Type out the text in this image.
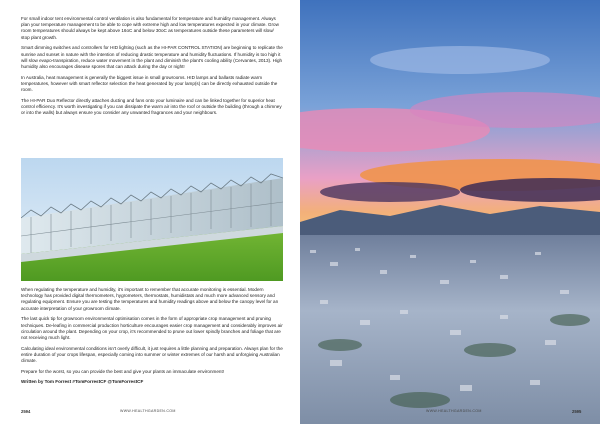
For small indoor tent environmental control ventilation is also fundamental for temperature and humidity management. Always plan your temperature management to be able to cope with extreme high and low temperatures expected in your climate. Grow room temperatures should always be kept above 16oC and below 30oC as temperatures outside these parameters will slow/ stop plant growth.

Smart dimming switches and controllers for HID lighting (such as the HI-PAR CONTROL STATION) are beginning to replicate the sunrise and sunset in nature with the intention of reducing drastic temperature and humidity fluctuations. If humidity is too high it will slow evapo-transpiration, reduce water movement in the plant and diminish the plant's cooling ability (Cervantes, 2013). High humidity also encourages disease spores that can attack during the day or night!

In Australia, heat management is generally the biggest issue in small growrooms. HID lamps and ballasts radiate warm temperatures, however with smart reflector selection the heat generated by your lamp(s) can be directly exhausted outside the room.

The HI-PAR Duo Reflector directly attaches ducting and fans onto your luminaire and can be linked together for superior heat control efficiency. It's worth investigating if you can dissipate the warm air into the roof or outside the building (through a chimney or into the walls) but always ensure you consider any unwanted fragrances and your neighbours.

When regulating the temperature and humidity, it's important to remember that accurate monitoring is essential. Modern technology has provided digital thermometers, hygrometers, thermostats, humidistats and much more advanced sensory and regulating equipment. Ensure you are testing the temperatures and humidity readings above and below the canopy level for an accurate interpretation of your growroom climate.

The last quick tip for growroom environmental optimisation comes in the form of appropriate crop management and pruning techniques. De-leafing in commercial production horticulture encourages easier crop management and considerably improves air circulation around the plant. Depending on your crop, it's recommended to prune out lower spindly branches and foliage that are not receiving much light.

Calculating ideal environmental conditions isn't overly difficult, it just requires a little planning and preparation. Always plan for the entire duration of your crops lifespan, especially coming into summer or winter extremes of our harsh and unforgiving Australian climate.

Prepare for the worst, so you can provide the best and give your plants an immaculate environment!

Written by Tom Forrest #TomForrestCF @TomForrestCF

2594	WWW.HEALTHGARDEN.COM	WWW.HEALTHGARDEN.COM	2595
